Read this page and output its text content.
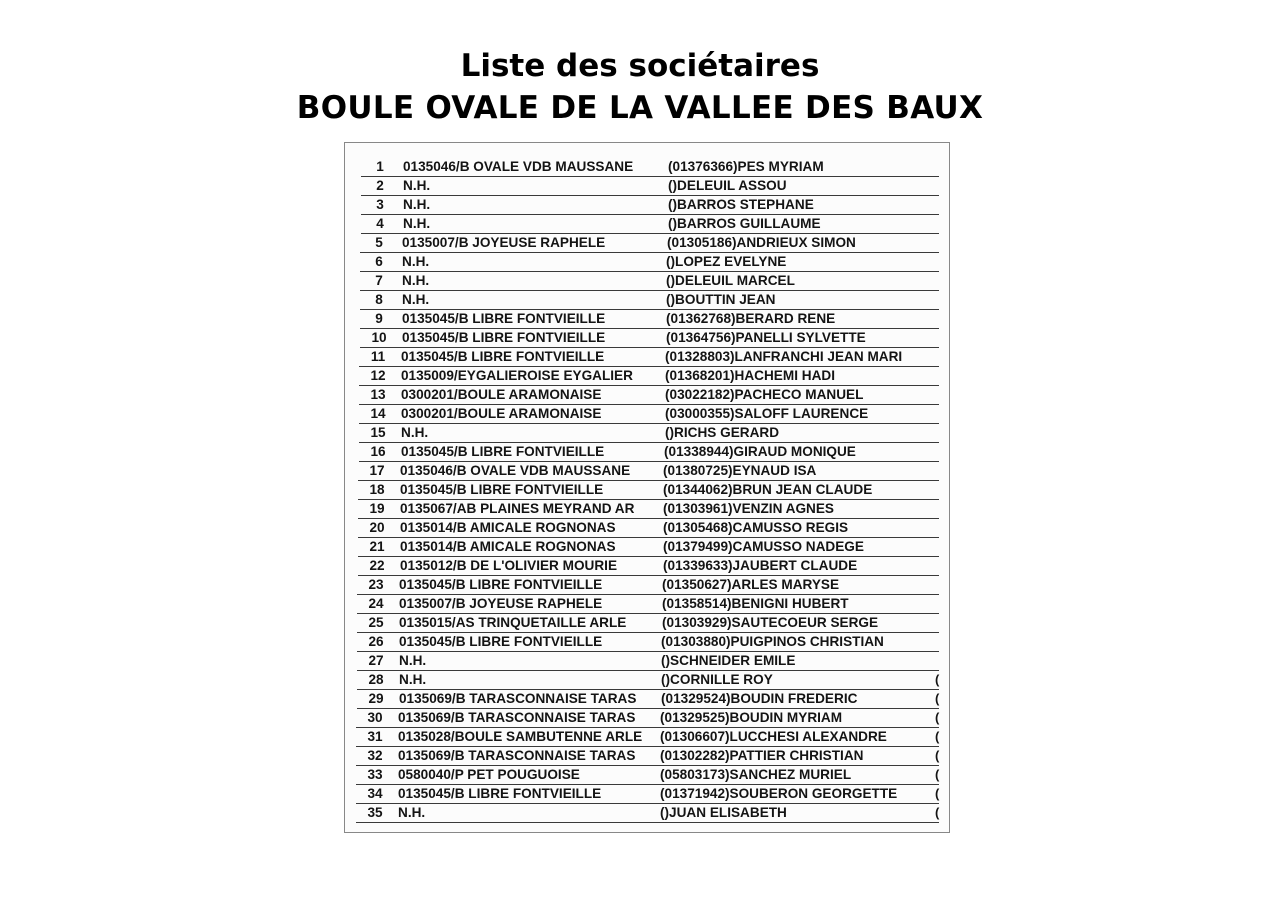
Liste des sociétaires
BOULE OVALE DE LA VALLEE DES BAUX
1	0135046/B OVALE VDB MAUSSANE	(01376366)PES MYRIAM
2	N.H.	()DELEUIL ASSOU
3	N.H.	()BARROS STEPHANE
4	N.H.	()BARROS GUILLAUME
5	0135007/B JOYEUSE RAPHELE	(01305186)ANDRIEUX SIMON
6	N.H.	()LOPEZ EVELYNE
7	N.H.	()DELEUIL MARCEL
8	N.H.	()BOUTTIN JEAN
9	0135045/B LIBRE FONTVIEILLE	(01362768)BERARD RENE
10	0135045/B LIBRE FONTVIEILLE	(01364756)PANELLI SYLVETTE
11	0135045/B LIBRE FONTVIEILLE	(01328803)LANFRANCHI JEAN MARI
12	0135009/EYGALIEROISE EYGALIER (01368201)HACHEMI HADI
13	0300201/BOULE ARAMONAISE	(03022182)PACHECO MANUEL
14	0300201/BOULE ARAMONAISE	(03000355)SALOFF LAURENCE
15	N.H.	()RICHS GERARD
16	0135045/B LIBRE FONTVIEILLE	(01338944)GIRAUD MONIQUE
17	0135046/B OVALE VDB MAUSSANE (01380725)EYNAUD ISA
18	0135045/B LIBRE FONTVIEILLE	(01344062)BRUN JEAN CLAUDE
19	0135067/AB PLAINES MEYRAND AR (01303961)VENZIN AGNES
20	0135014/B AMICALE ROGNONAS	(01305468)CAMUSSO REGIS
21	0135014/B AMICALE ROGNONAS	(01379499)CAMUSSO NADEGE
22	0135012/B DE L'OLIVIER MOURIE	(01339633)JAUBERT CLAUDE
23	0135045/B LIBRE FONTVIEILLE	(01350627)ARLES MARYSE
24	0135007/B JOYEUSE RAPHELE	(01358514)BENIGNI HUBERT
25	0135015/AS TRINQUETAILLE ARLE	(01303929)SAUTECOEUR SERGE
26	0135045/B LIBRE FONTVIEILLE	(01303880)PUIGPINOS CHRISTIAN
27	N.H.	()SCHNEIDER EMILE
28	N.H.	()CORNILLE ROY	(
29	0135069/B TARASCONNAISE TARAS (01329524)BOUDIN FREDERIC	(
30	0135069/B TARASCONNAISE TARAS (01329525)BOUDIN MYRIAM	(
31	0135028/BOULE SAMBUTENNE ARLE (01306607)LUCCHESI ALEXANDRE	(
32	0135069/B TARASCONNAISE TARAS (01302282)PATTIER CHRISTIAN	(
33	0580040/P PET POUGUOISE	(05803173)SANCHEZ MURIEL	(
34	0135045/B LIBRE FONTVIEILLE	(01371942)SOUBERON GEORGETTE	(
35	N.H.	()JUAN ELISABETH	(
